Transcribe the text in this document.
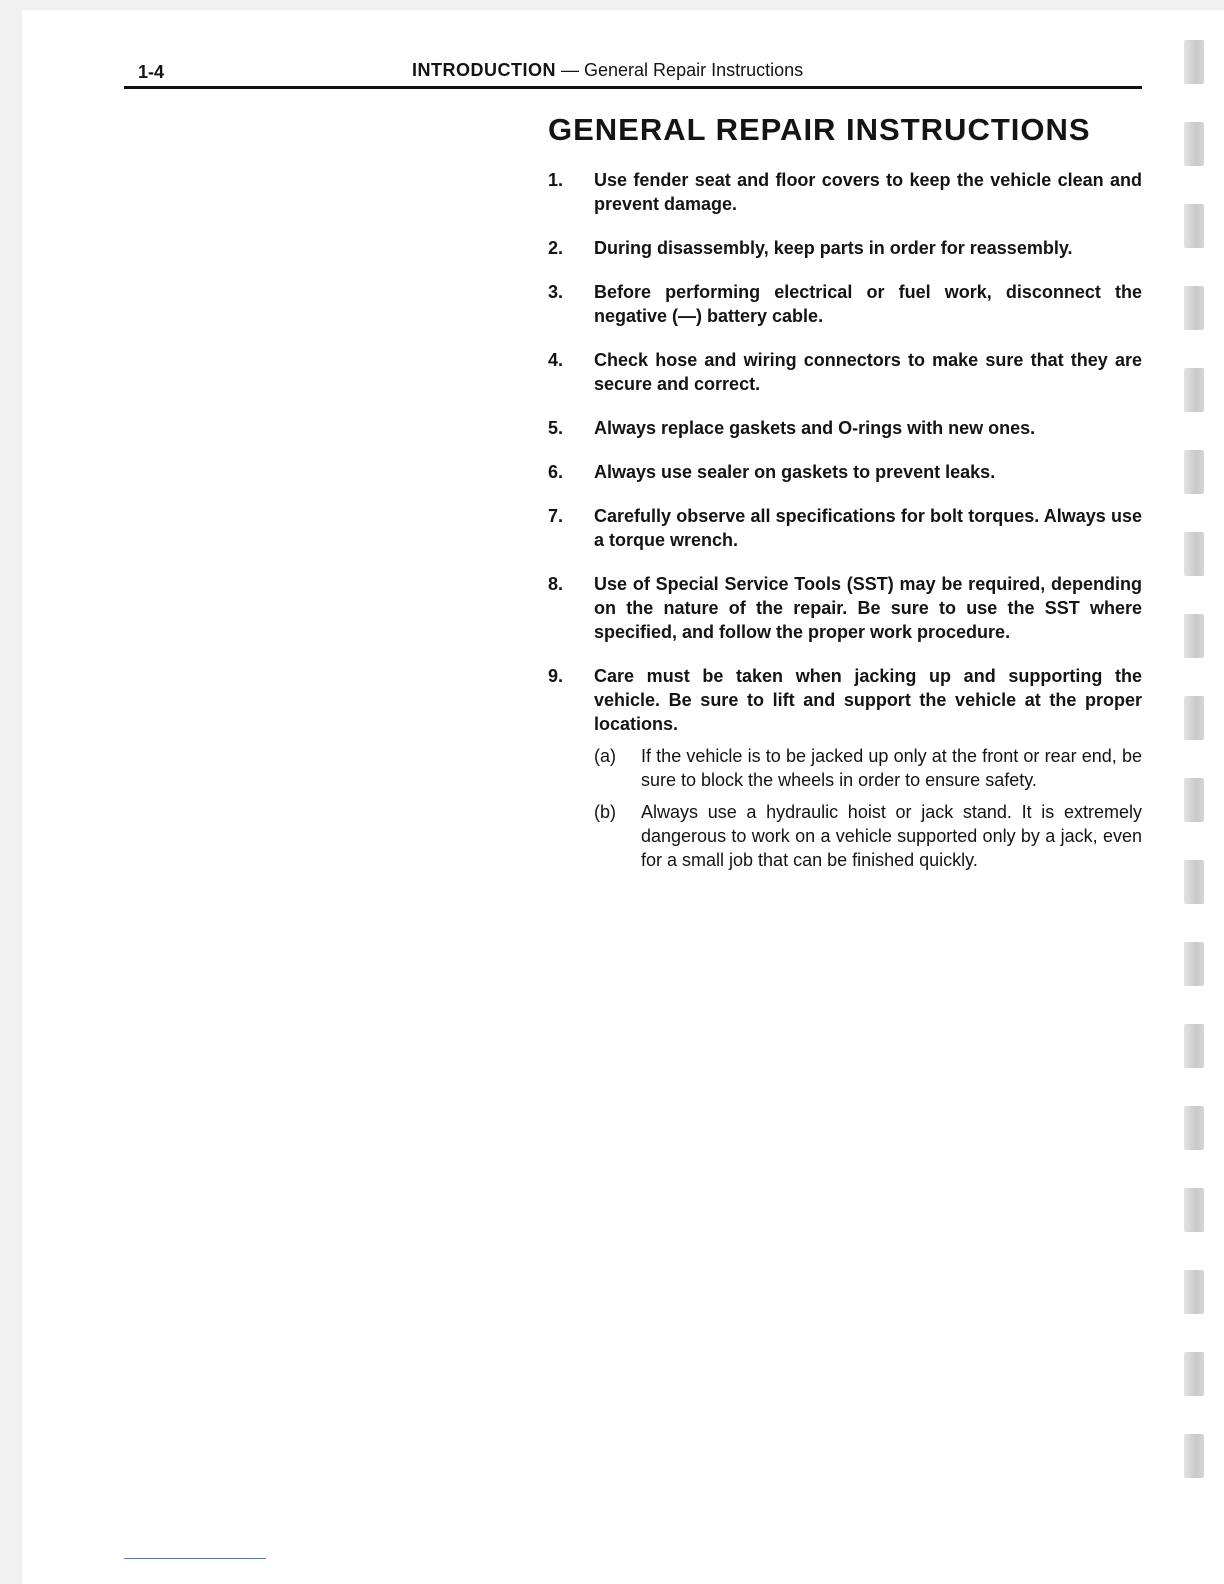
1-4	INTRODUCTION — General Repair Instructions
GENERAL REPAIR INSTRUCTIONS
1.	Use fender seat and floor covers to keep the vehicle clean and prevent damage.
2.	During disassembly, keep parts in order for reassembly.
3.	Before performing electrical or fuel work, disconnect the negative (—) battery cable.
4.	Check hose and wiring connectors to make sure that they are secure and correct.
5.	Always replace gaskets and O-rings with new ones.
6.	Always use sealer on gaskets to prevent leaks.
7.	Carefully observe all specifications for bolt torques. Always use a torque wrench.
8.	Use of Special Service Tools (SST) may be required, depending on the nature of the repair. Be sure to use the SST where specified, and follow the proper work procedure.
9.	Care must be taken when jacking up and supporting the vehicle. Be sure to lift and support the vehicle at the proper locations.
(a)	If the vehicle is to be jacked up only at the front or rear end, be sure to block the wheels in order to ensure safety.
(b)	Always use a hydraulic hoist or jack stand. It is extremely dangerous to work on a vehicle supported only by a jack, even for a small job that can be finished quickly.
